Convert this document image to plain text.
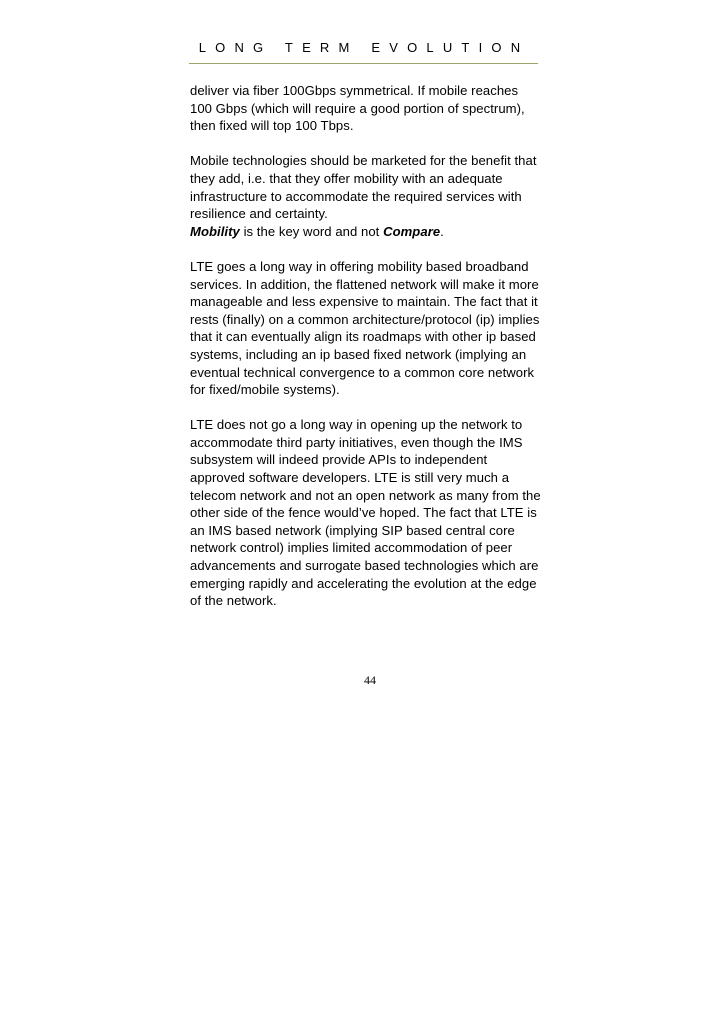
LONG TERM EVOLUTION

deliver via fiber 100Gbps symmetrical. If mobile reaches 100 Gbps (which will require a good portion of spectrum), then fixed will top 100 Tbps.

Mobile technologies should be marketed for the benefit that they add, i.e. that they offer mobility with an adequate infrastructure to accommodate the required services with resilience and certainty.
Mobility is the key word and not Compare.

LTE goes a long way in offering mobility based broadband services. In addition, the flattened network will make it more manageable and less expensive to maintain. The fact that it rests (finally) on a common architecture/protocol (ip) implies that it can eventually align its roadmaps with other ip based systems, including an ip based fixed network (implying an eventual technical convergence to a common core network for fixed/mobile systems).

LTE does not go a long way in opening up the network to accommodate third party initiatives, even though the IMS subsystem will indeed provide APIs to independent approved software developers. LTE is still very much a telecom network and not an open network as many from the other side of the fence would’ve hoped. The fact that LTE is an IMS based network (implying SIP based central core network control) implies limited accommodation of peer advancements and surrogate based technologies which are emerging rapidly and accelerating the evolution at the edge of the network.

44
